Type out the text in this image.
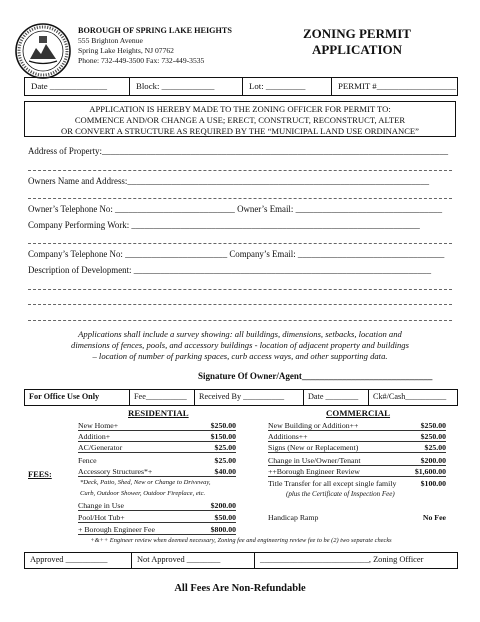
BOROUGH OF SPRING LAKE HEIGHTS
555 Brighton Avenue
Spring Lake Heights, NJ 07762
Phone: 732-449-3500 Fax: 732-449-3535
ZONING PERMIT
APPLICATION
Date _____________	Block: ____________	Lot: _________	PERMIT #__________________
APPLICATION IS HEREBY MADE TO THE ZONING OFFICER FOR PERMIT TO:
COMMENCE AND/OR CHANGE A USE; ERECT, CONSTRUCT, RECONSTRUCT, ALTER
OR CONVERT A STRUCTURE AS REQUIRED BY THE “MUNICIPAL LAND USE ORDINANCE”
Address of Property:______________________________________________________________________________
Owners Name and Address:____________________________________________________________________
Owner’s Telephone No: ___________________________ Owner’s Email: _________________________________
Company Performing Work: _________________________________________________________________
Company’s Telephone No: _______________________ Company’s Email: _________________________________
Description of Development: ___________________________________________________________________
Applications shall include a survey showing: all buildings, dimensions, setbacks, location and
dimensions of fences, pools, and accessory buildings - location of adjacent property and buildings
– location of number of parking spaces, curb access ways, and other supporting data.
Signature Of Owner/Agent_____________________________
For Office Use Only	Fee__________	Received By __________	Date ________	Ck#/Cash__________
RESIDENTIAL	COMMERCIAL
FEES:
New Home+	$250.00
Addition+	$150.00
AC/Generator	$25.00
Fence	$25.00
Accessory Structures*+	$40.00
*Deck, Patio, Shed, New or Change to Driveway,
Curb, Outdoor Shower, Outdoor Fireplace, etc.
Change in Use	$200.00
Pool/Hot Tub+	$50.00
+ Borough Engineer Fee	$800.00
New Building or Addition++	$250.00
Additions++	$250.00
Signs (New or Replacement)	$25.00
Change in Use/Owner/Tenant	$200.00
++Borough Engineer Review	$1,600.00
Title Transfer for all except single family	$100.00
(plus the Certificate of Inspection Fee)
Handicap Ramp	No Fee
+&++ Engineer review when deemed necessary, Zoning fee and engineering review fee to be (2) two separate checks
Approved __________	Not Approved ________	__________________________, Zoning Officer
All Fees Are Non-Refundable
